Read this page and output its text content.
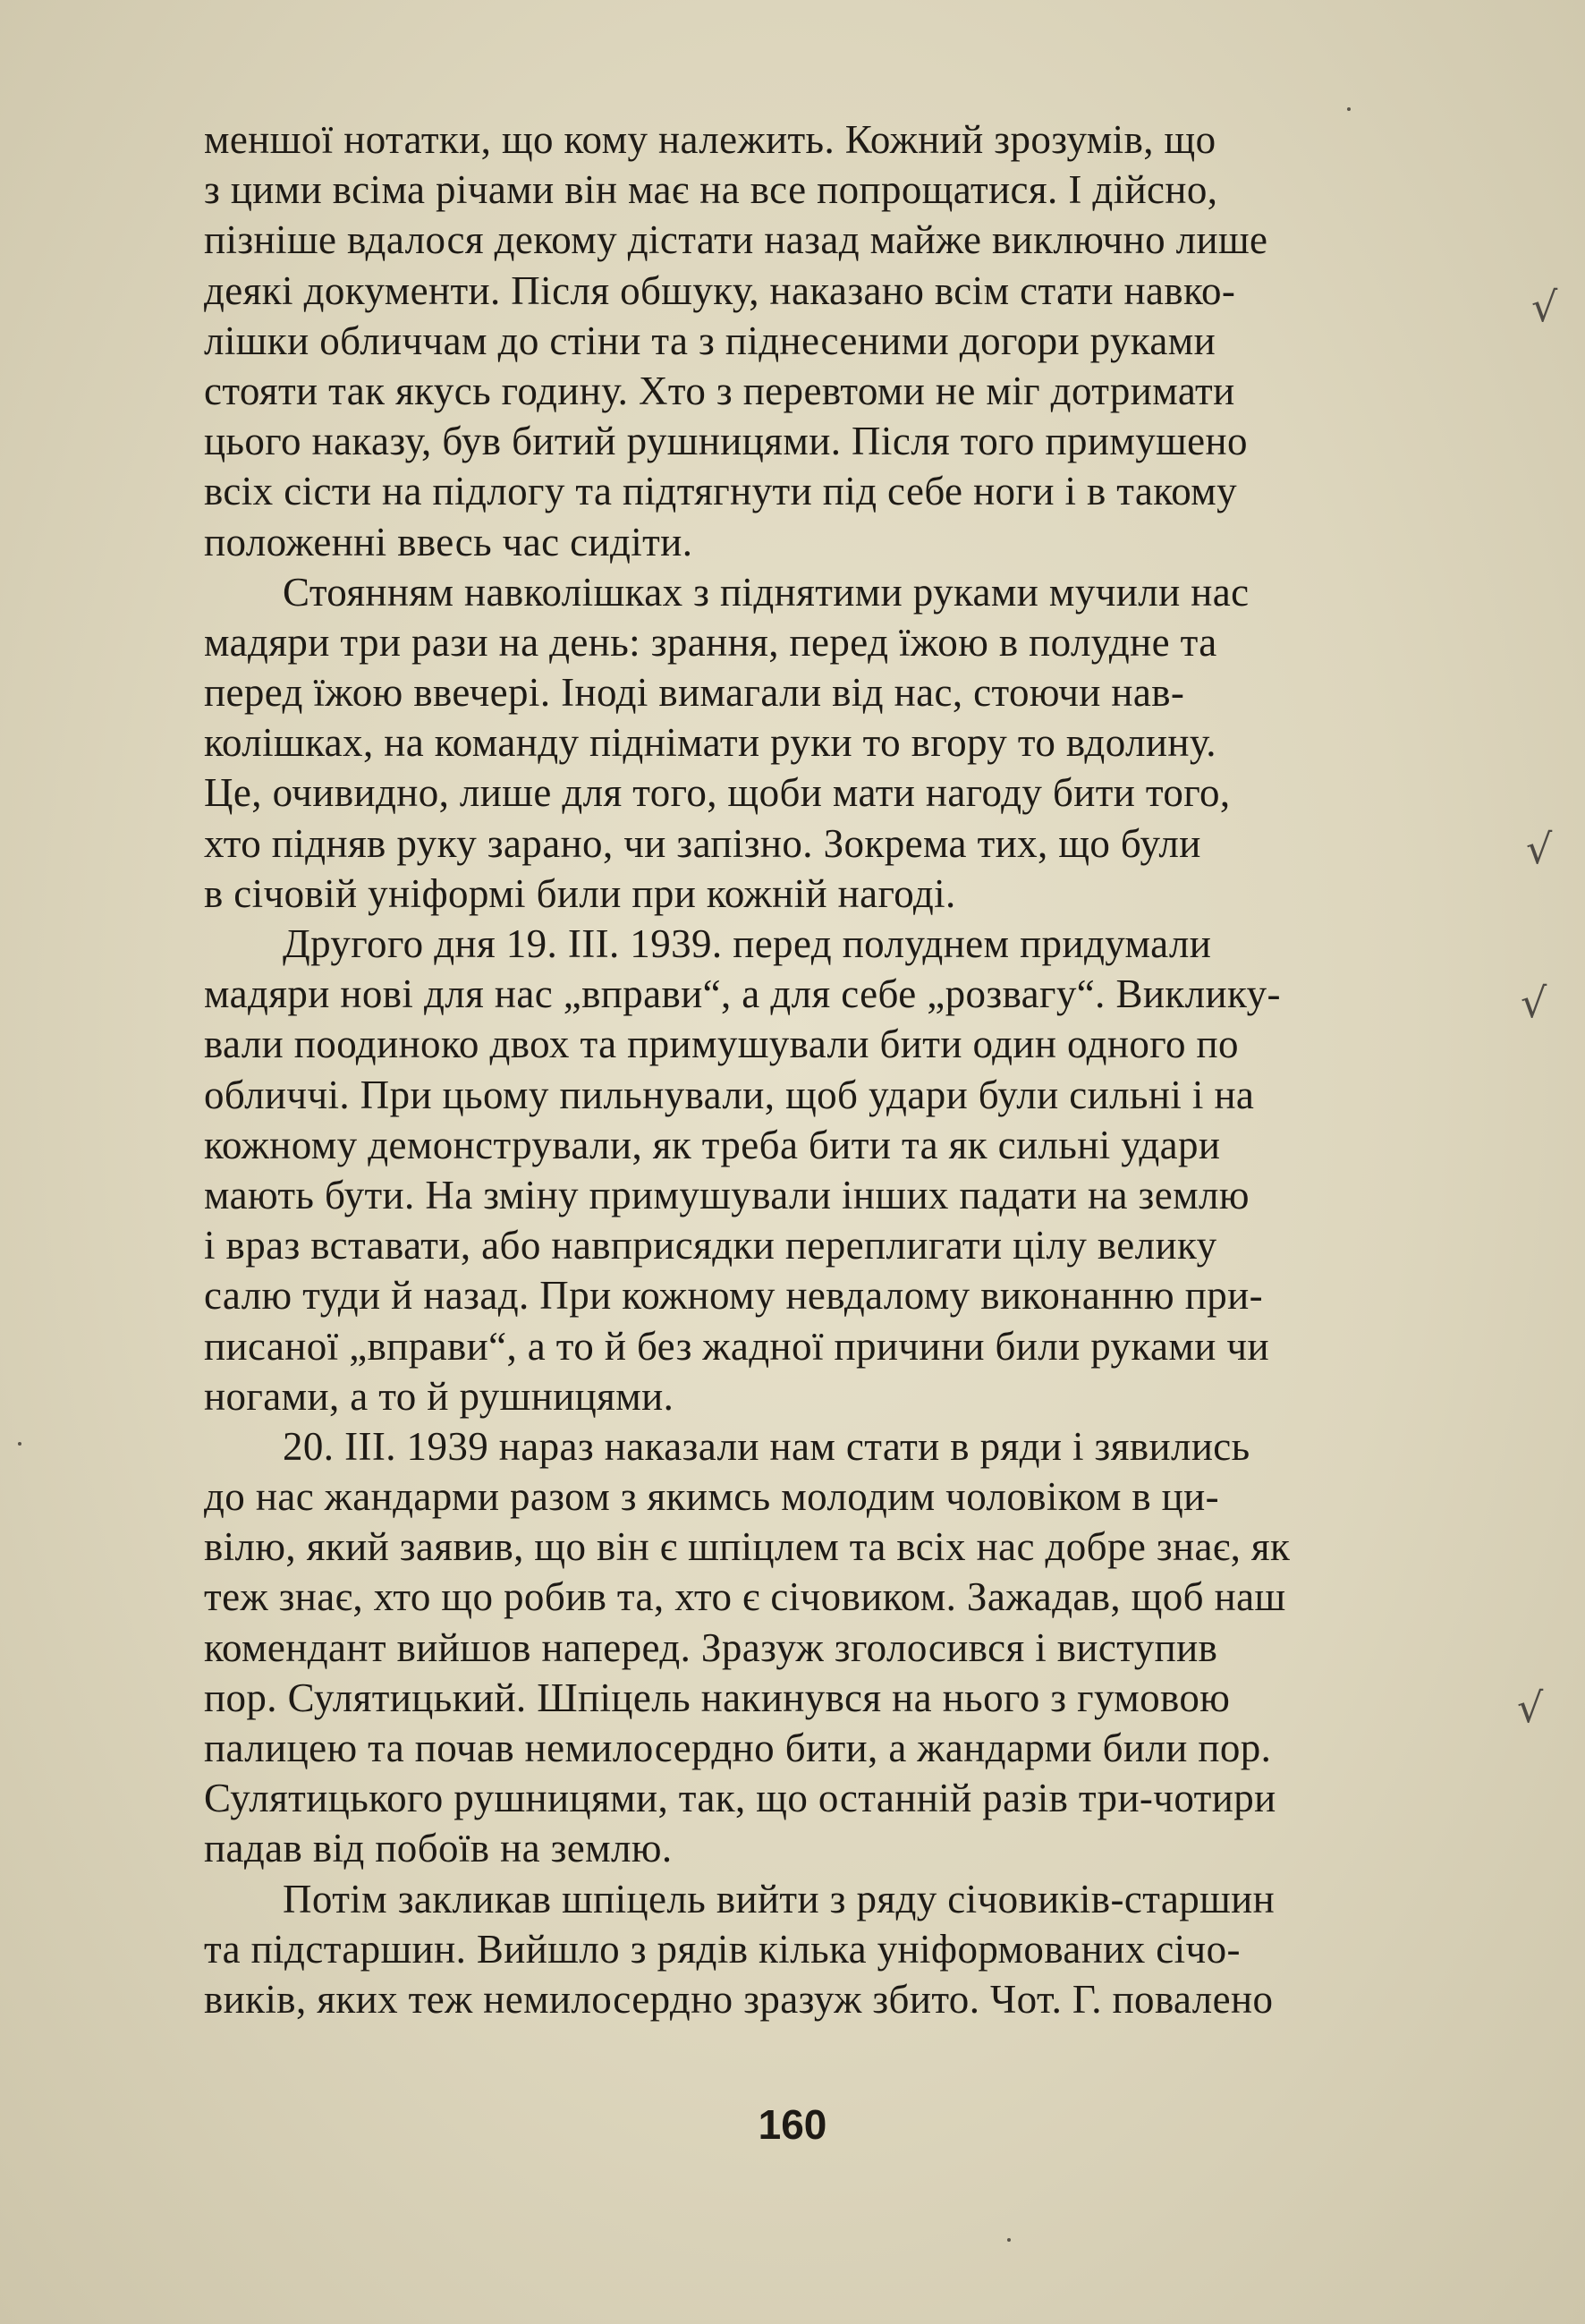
меншої нотатки, що кому належить. Кожний зрозумів, що
з цими всіма річами він має на все попрощатися. І дійсно,
пізніше вдалося декому дістати назад майже виключно лише
деякі документи. Після обшуку, наказано всім стати навко-
лішки обличчам до стіни та з піднесеними догори руками
стояти так якусь годину. Хто з перевтоми не міг дотримати
цього наказу, був битий рушницями. Після того примушено
всіх сісти на підлогу та підтягнути під себе ноги і в такому
положенні ввесь час сидіти.
Стоянням навколішках з піднятими руками мучили нас
мадяри три рази на день: зрання, перед їжою в полудне та
перед їжою ввечері. Іноді вимагали від нас, стоючи нав-
колішках, на команду піднімати руки то вгору то вдолину.
Це, очивидно, лише для того, щоби мати нагоду бити того,
хто підняв руку зарано, чи запізно. Зокрема тих, що були
в січовій уніформі били при кожній нагоді.
Другого дня 19. III. 1939. перед полуднем придумали
мадяри нові для нас „вправи“, а для себе „розвагу“. Виклику-
вали поодиноко двох та примушували бити один одного по
обличчі. При цьому пильнували, щоб удари були сильні і на
кожному демонстрували, як треба бити та як сильні удари
мають бути. На зміну примушували інших падати на землю
і враз вставати, або навприсядки переплигати цілу велику
салю туди й назад. При кожному невдалому виконанню при-
писаної „вправи“, а то й без жадної причини били руками чи
ногами, а то й рушницями.
20. III. 1939 нараз наказали нам стати в ряди і зявились
до нас жандарми разом з якимсь молодим чоловіком в ци-
вілю, який заявив, що він є шпіцлем та всіх нас добре знає, як
теж знає, хто що робив та, хто є січовиком. Зажадав, щоб наш
комендант вийшов наперед. Зразуж зголосився і виступив
пор. Сулятицький. Шпіцель накинувся на нього з гумовою
палицею та почав немилосердно бити, а жандарми били пор.
Сулятицького рушницями, так, що останній разів три-чотири
падав від побоїв на землю.
Потім закликав шпіцель вийти з ряду січовиків-старшин
та підстаршин. Вийшло з рядів кілька уніформованих січо-
виків, яких теж немилосердно зразуж збито. Чот. Г. повалено
√
√
√
√
160
